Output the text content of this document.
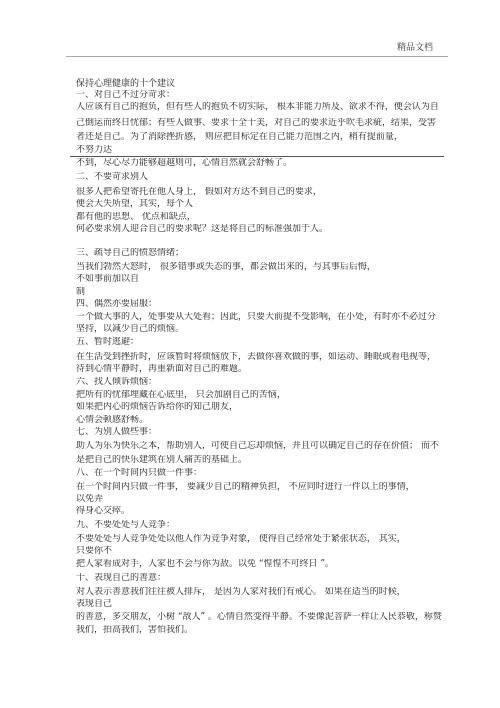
精品文档
保持心理健康的十个建议
一、对自己不过分苛求：
人应该有自己的抱负，但有些人的抱负不切实际， 根本非能力所及、欲求不得，便会认为自
己倒运而终日忧郁；有些人做事、要求十全十美，对自己的要求近乎吹毛求疵，结果，受害
者还是自己。为了消除挫折感， 则应把目标定在自己能力范围之内，稍有提前量，
不努力达
不到，尽心尽力能够超越则可，心情自然就会舒畅了。
二、不要苛求别人
很多人把希望寄托在他人身上， 假如对方达不到自己的要求，
便会大失所望，其实，每个人
都有他的思想、 优点和缺点，
何必要求别人迎合自己的要求呢？这是将自己的标准强加于人。
三、疏导自己的愤怒情绪；
当我们勃然大怒时， 很多错事或失态的事，都会做出来的，与其事后后悔，
不如事前加以自
制
四、偶然亦要屈服：
一个做大事的人，处事要从大处看；因此，只要大前提不受影响，在小处，有时亦不必过分
坚持，以减少自己的烦恼。
五、暂时逃避：
在生活受到挫折时，应该暂时将烦恼放下，去做你喜欢做的事，如运动、睡眠或看电视等，
待到心情平静时，再重新面对自己的难题。
六、找人倾诉烦恼：
把所有的忧郁埋藏在心底里， 只会加剧自己的苦恼，
如果把内心的烦恼告诉给你的知己朋友，
心情会顿感舒畅。
七、为别人做些事：
助人为乐为快乐之本，帮助别人，可使自己忘却烦恼，并且可以确定自己的存在价值； 而不
是把自己的快乐建筑在别人痛苦的基础上。
八、在一个时间内只做一件事：
在一个时间内只做一件事， 要减少自己的精神负担， 不应同时进行一件以上的事情，
以免弄
得身心交瘁。
九、不要处处与人竞争：
不要处处与人竞争处处以他人作为竞争对象， 使得自己经常处于紧张状态， 其实，
只要你不
把人家看成对手，人家也不会与你为敌。以免 “惶惶不可终日 ”。
十、表现自己的善意：
对人表示善意我们往往被人排斥， 是因为人家对我们有戒心。 如果在适当的时候，
表现自己
的善意，多交朋友，小树 “敌人” 。心情自然变得平静。不要像泥菩萨一样让人民恭敬，称赞
我们，拍高我们，害怕我们。
